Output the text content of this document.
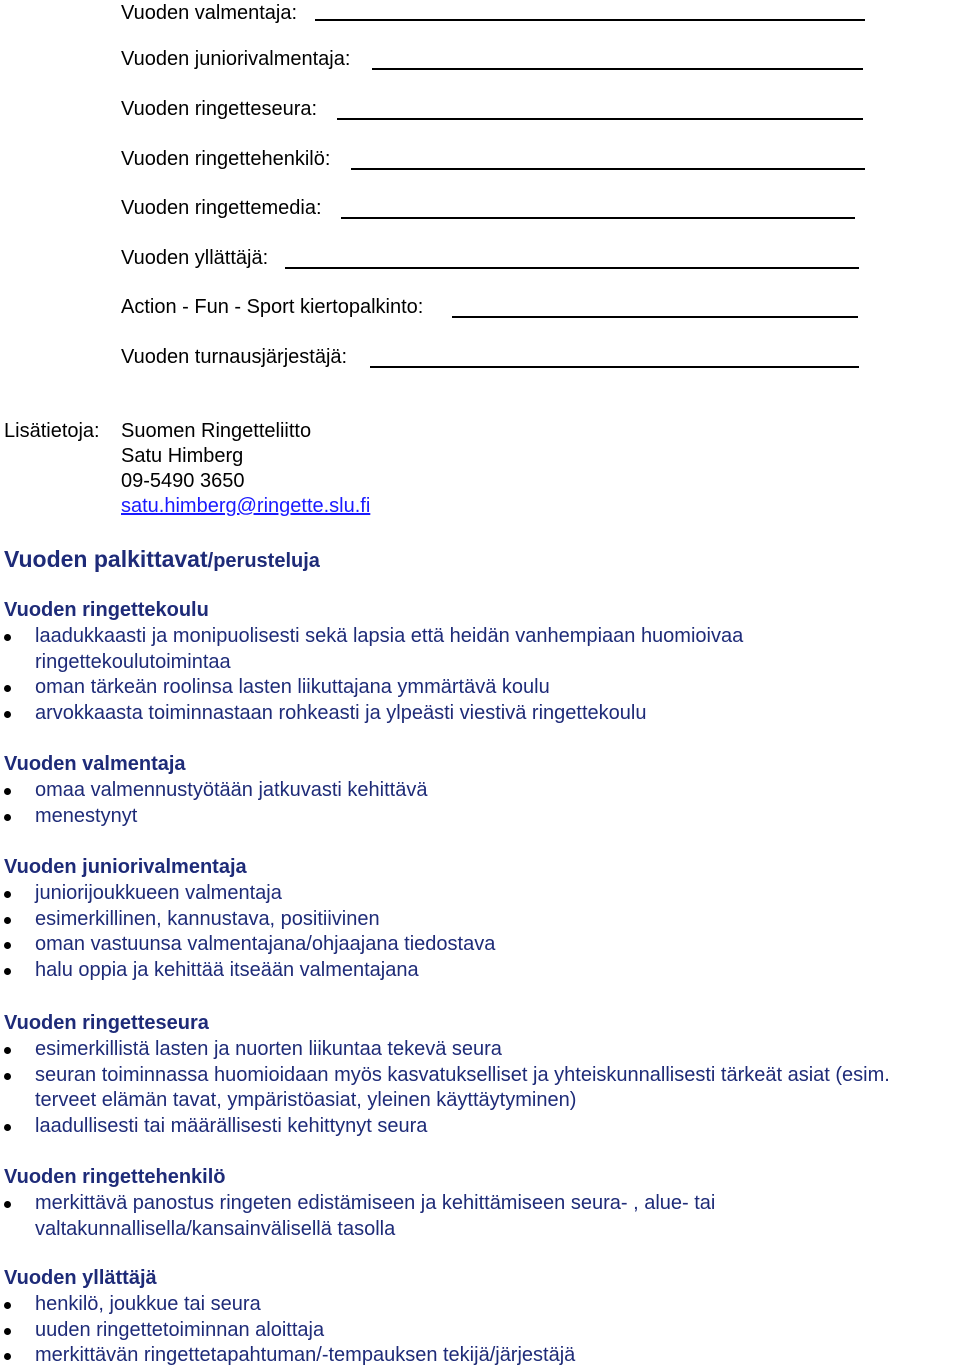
Vuoden valmentaja:
Vuoden juniorivalmentaja:
Vuoden ringetteseura:
Vuoden ringettehenkilö:
Vuoden ringettemedia:
Vuoden yllättäjä:
Action - Fun - Sport kiertopalkinto:
Vuoden turnausjärjestäjä:
Lisätietoja: Suomen Ringetteliitto
Satu Himberg
09-5490 3650
satu.himberg@ringette.slu.fi
Vuoden palkittavat/perusteluja
Vuoden ringettekoulu
laadukkaasti ja monipuolisesti sekä lapsia että heidän vanhempiaan huomioivaa
ringettekoulutoimintaa
oman tärkeän roolinsa lasten liikuttajana ymmärtävä koulu
arvokkaasta toiminnastaan rohkeasti ja ylpeästi viestivä ringettekoulu
Vuoden valmentaja
omaa valmennustyötään jatkuvasti kehittävä
menestynyt
Vuoden juniorivalmentaja
juniorijoukkueen valmentaja
esimerkillinen, kannustava, positiivinen
oman vastuunsa valmentajana/ohjaajana tiedostava
halu oppia ja kehittää itseään valmentajana
Vuoden ringetteseura
esimerkillistä lasten ja nuorten liikuntaa tekevä seura
seuran toiminnassa huomioidaan myös kasvatukselliset ja yhteiskunnallisesti tärkeät asiat (esim.
terveet elämän tavat, ympäristöasiat, yleinen käyttäytyminen)
laadullisesti tai määrällisesti kehittynyt seura
Vuoden ringettehenkilö
merkittävä panostus ringeten edistämiseen ja kehittämiseen seura- , alue- tai
valtakunnallisella/kansainvälisellä tasolla
Vuoden yllättäjä
henkilö, joukkue tai seura
uuden ringettetoiminnan aloittaja
merkittävän ringettetapahtuman/-tempauksen tekijä/järjestäjä
